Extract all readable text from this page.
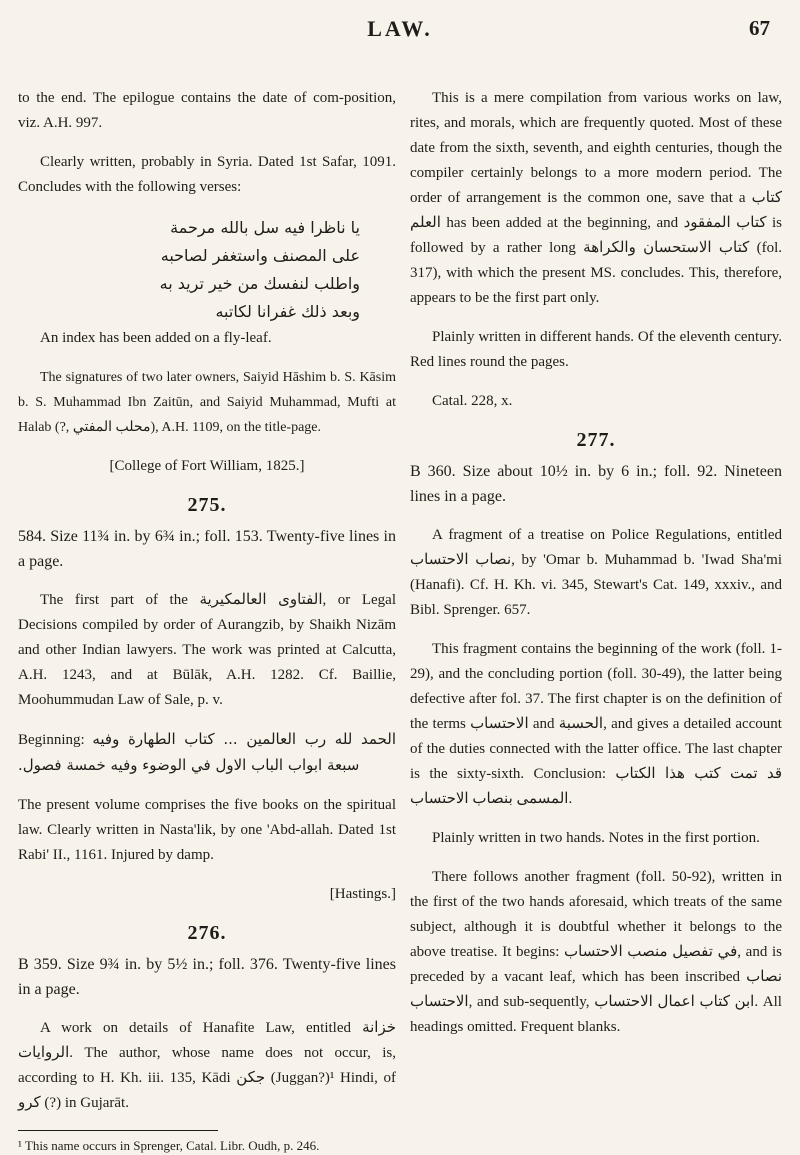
LAW.	67

to the end. The epilogue contains the date of com-position, viz. A.H. 997.

Clearly written, probably in Syria. Dated 1st Safar, 1091. Concludes with the following verses:

يا ناظرا فيه سل بالله مرحمة
على المصنف واستغفر لصاحبه
واطلب لنفسك من خير تريد به
وبعد ذلك غفرانا لكاتبه

An index has been added on a fly-leaf.

The signatures of two later owners, Saiyid Hāshim b. S. Kāsim b. S. Muhammad Ibn Zaitūn, and Saiyid Muhammad, Mufti at Halab (?, محلب المفتي), A.H. 1109, on the title-page.

[College of Fort William, 1825.]
275.

584. Size 11¾ in. by 6¾ in.; foll. 153. Twenty-five lines in a page.

The first part of the الفتاوى العالمكيرية, or Legal Decisions compiled by order of Aurangzib, by Shaikh Nizām and other Indian lawyers. The work was printed at Calcutta, A.H. 1243, and at Būlāk, A.H. 1282. Cf. Baillie, Moohummudan Law of Sale, p. v.

Beginning: الحمد لله رب العالمين ... كتاب الطهارة وفيه سبعة ابواب الباب الاول في الوضوء وفيه خمسة فصول.

The present volume comprises the five books on the spiritual law. Clearly written in Nasta'lik, by one 'Abd-allah. Dated 1st Rabi' II., 1161. Injured by damp.

[Hastings.]
276.

B 359. Size 9¾ in. by 5½ in.; foll. 376. Twenty-five lines in a page.

A work on details of Hanafite Law, entitled خزانة الروايات. The author, whose name does not occur, is, according to H. Kh. iii. 135, Kādi جكن (Juggan?)¹ Hindi, of كرو (?) in Gujarāt.

¹ This name occurs in Sprenger, Catal. Libr. Oudh, p. 246.

This is a mere compilation from various works on law, rites, and morals, which are frequently quoted. Most of these date from the sixth, seventh, and eighth centuries, though the compiler certainly belongs to a more modern period. The order of arrangement is the common one, save that a كتاب العلم has been added at the beginning, and كتاب المفقود is followed by a rather long كتاب الاستحسان والكراهة (fol. 317), with which the present MS. concludes. This, therefore, appears to be the first part only.

Plainly written in different hands. Of the eleventh century. Red lines round the pages.

Catal. 228, x.

277.

B 360. Size about 10½ in. by 6 in.; foll. 92. Nineteen lines in a page.

A fragment of a treatise on Police Regulations, entitled نصاب الاحتساب, by 'Omar b. Muhammad b. 'Iwad Sha'mi (Hanafi). Cf. H. Kh. vi. 345, Stewart's Cat. 149, xxxiv., and Bibl. Sprenger. 657.

This fragment contains the beginning of the work (foll. 1-29), and the concluding portion (foll. 30-49), the latter being defective after fol. 37. The first chapter is on the definition of the terms الاحتساب and الحسبة, and gives a detailed account of the duties connected with the latter office. The last chapter is the sixty-sixth. Conclusion: قد تمت كتب هذا الكتاب المسمى بنصاب الاحتساب.

Plainly written in two hands. Notes in the first portion.

There follows another fragment (foll. 50-92), written in the first of the two hands aforesaid, which treats of the same subject, although it is doubtful whether it belongs to the above treatise. It begins: في تفصيل منصب الاحتساب, and is preceded by a vacant leaf, which has been inscribed نصاب الاحتساب, and sub-sequently, ابن كتاب اعمال الاحتساب. All headings omitted. Frequent blanks.
